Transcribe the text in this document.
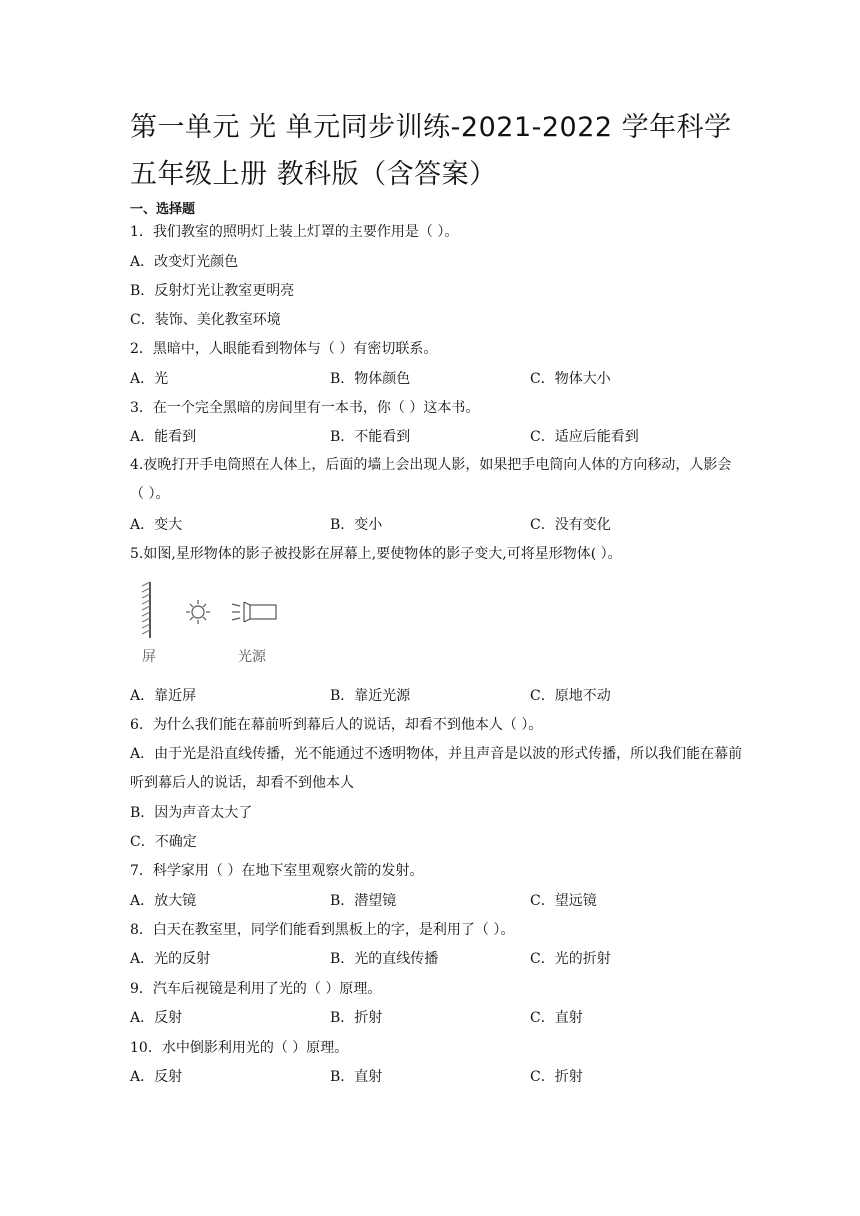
第一单元 光 单元同步训练-2021-2022 学年科学五年级上册 教科版（含答案）
一、选择题
1．我们教室的照明灯上装上灯罩的主要作用是（ ）。
A．改变灯光颜色
B．反射灯光让教室更明亮
C．装饰、美化教室环境
2．黑暗中，人眼能看到物体与（ ）有密切联系。
A．光	B．物体颜色	C．物体大小
3．在一个完全黑暗的房间里有一本书，你（ ）这本书。
A．能看到	B．不能看到	C．适应后能看到
4.夜晚打开手电筒照在人体上，后面的墙上会出现人影，如果把手电筒向人体的方向移动，人影会（ ）。
A．变大	B．变小	C．没有变化
5.如图,星形物体的影子被投影在屏幕上,要使物体的影子变大,可将星形物体( ）。
屏	光源
A．靠近屏	B．靠近光源	C．原地不动
6．为什么我们能在幕前听到幕后人的说话，却看不到他本人（ ）。
A．由于光是沿直线传播，光不能通过不透明物体，并且声音是以波的形式传播，所以我们能在幕前听到幕后人的说话，却看不到他本人
B．因为声音太大了
C．不确定
7．科学家用（ ）在地下室里观察火箭的发射。
A．放大镜	B．潜望镜	C．望远镜
8．白天在教室里，同学们能看到黑板上的字，是利用了（ ）。
A．光的反射	B．光的直线传播	C．光的折射
9．汽车后视镜是利用了光的（ ）原理。
A．反射	B．折射	C．直射
10．水中倒影利用光的（ ）原理。
A．反射	B．直射	C．折射
